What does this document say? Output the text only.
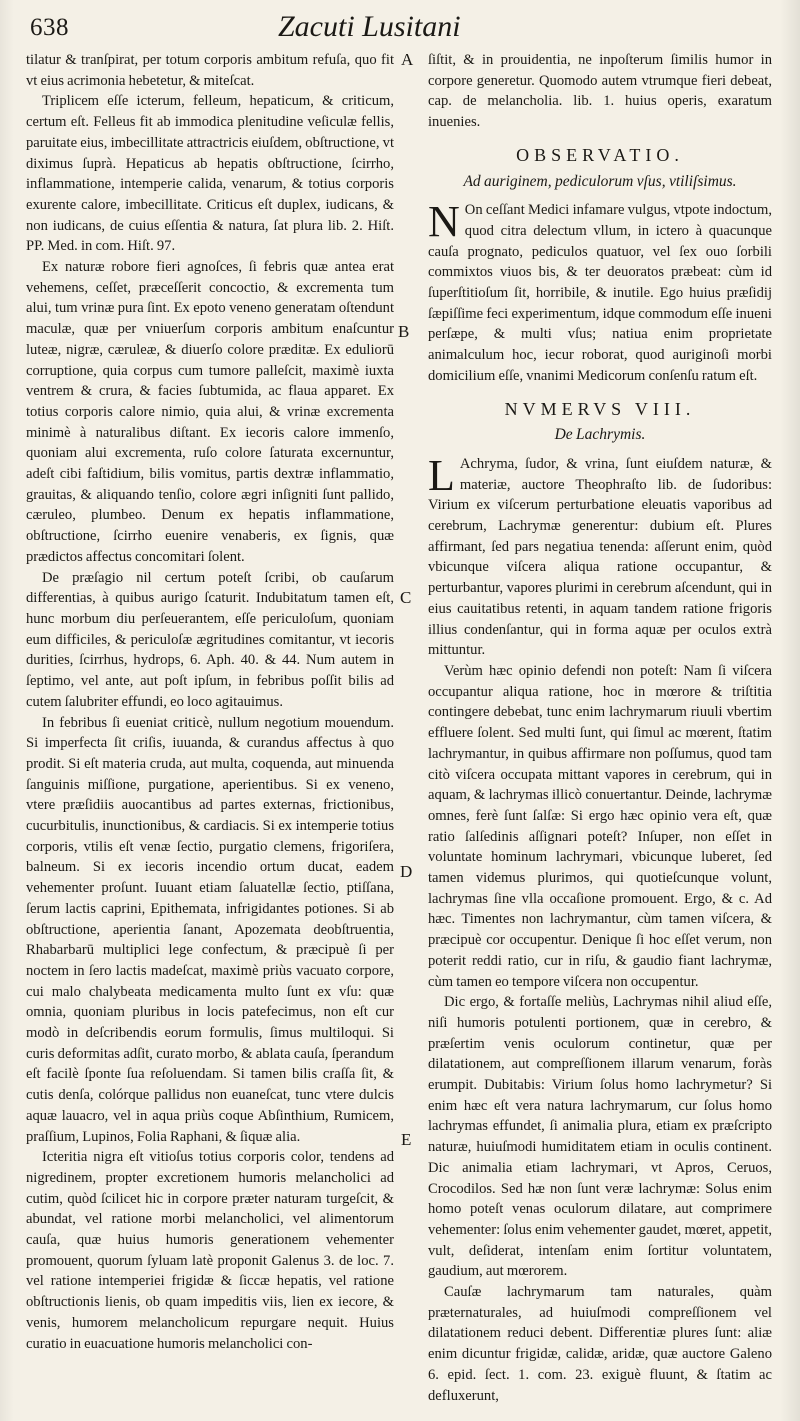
638	Zacuti Lusitani
A
B
C
D
E

tilatur & tranſpirat, per totum corporis ambitum refuſa, quo fit vt eius acrimonia hebetetur, & miteſcat.

Triplicem eſſe icterum, felleum, hepaticum, & criticum, certum eſt. Felleus fit ab immodica plenitudine veſiculæ fellis, paruitate eius, imbecillitate attractricis eiuſdem, obſtructione, vt diximus ſuprà. Hepaticus ab hepatis obſtructione, ſcirrho, inflammatione, intemperie calida, venarum, & totius corporis exurente calore, imbecillitate. Criticus eſt duplex, iudicans, & non iudicans, de cuius eſſentia & natura, ſat plura lib. 2. Hiſt. PP. Med. in com. Hiſt. 97.

Ex naturæ robore fieri agnoſces, ſi febris quæ antea erat vehemens, ceſſet, præceſſerit concoctio, & excrementa tum alui, tum vrinæ pura ſint. Ex epoto veneno generatam oſtendunt maculæ, quæ per vniuerſum corporis ambitum enaſcuntur luteæ, nigræ, cæruleæ, & diuerſo colore præditæ. Ex eduliorū corruptione, quia corpus cum tumore palleſcit, maximè iuxta ventrem & crura, & facies ſubtumida, ac flaua apparet. Ex totius corporis calore nimio, quia alui, & vrinæ excrementa minimè à naturalibus diſtant. Ex iecoris calore immenſo, quoniam alui excrementa, ruſo colore ſaturata excernuntur, adeſt cibi faſtidium, bilis vomitus, partis dextræ inflammatio, grauitas, & aliquando tenſio, colore ægri inſigniti ſunt pallido, cæruleo, plumbeo. Denum ex hepatis inflammatione, obſtructione, ſcirrho euenire venaberis, ex ſignis, quæ prædictos affectus concomitari ſolent.

De præſagio nil certum poteſt ſcribi, ob cauſarum differentias, à quibus aurigo ſcaturit. Indubitatum tamen eſt, hunc morbum diu perſeuerantem, eſſe periculoſum, quoniam eum difficiles, & periculoſæ ægritudines comitantur, vt iecoris durities, ſcirrhus, hydrops, 6. Aph. 40. & 44. Num autem in ſeptimo, vel ante, aut poſt ipſum, in febribus poſſit bilis ad cutem ſalubriter effundi, eo loco agitauimus.

In febribus ſi eueniat criticè, nullum negotium mouendum. Si imperfecta ſit criſis, iuuanda, & curandus affectus à quo prodit. Si eſt materia cruda, aut multa, coquenda, aut minuenda ſanguinis miſſione, purgatione, aperientibus. Si ex veneno, vtere præſidiis auocantibus ad partes externas, frictionibus, cucurbitulis, inunctionibus, & cardiacis. Si ex intemperie totius corporis, vtilis eſt venæ ſectio, purgatio clemens, frigoriſera, balneum. Si ex iecoris incendio ortum ducat, eadem vehementer proſunt. Iuuant etiam ſaluatellæ ſectio, ptiſſana, ſerum lactis caprini, Epithemata, infrigidantes potiones. Si ab obſtructione, aperientia ſanant, Apozemata deobſtruentia, Rhabarbarū multiplici lege confectum, & præcipuè ſi per noctem in ſero lactis madeſcat, maximè priùs vacuato corpore, cui malo chalybeata medicamenta multo ſunt ex vſu: quæ omnia, quoniam pluribus in locis patefecimus, non eſt cur modò in deſcribendis eorum formulis, ſimus multiloqui. Si curis deformitas adſit, curato morbo, & ablata cauſa, ſperandum eſt facilè ſponte ſua reſoluendam. Si tamen bilis craſſa ſit, & cutis denſa, colórque pallidus non euaneſcat, tunc vtere dulcis aquæ lauacro, vel in aqua priùs coque Abſinthium, Rumicem, praſſium, Lupinos, Folia Raphani, & ſiquæ alia.

Icteritia nigra eſt vitioſus totius corporis color, tendens ad nigredinem, propter excretionem humoris melancholici ad cutim, quòd ſcilicet hic in corpore præter naturam turgeſcit, & abundat, vel ratione morbi melancholici, vel alimentorum cauſa, quæ huius humoris generationem vehementer promouent, quorum ſyluam latè proponit Galenus 3. de loc. 7. vel ratione intemperiei frigidæ & ſiccæ hepatis, vel ratione obſtructionis lienis, ob quam impeditis viis, lien ex iecore, & venis, humorem melancholicum repurgare nequit. Huius curatio in euacuatione humoris melancholici con-

ſiſtit, & in prouidentia, ne inpoſterum ſimilis humor in corpore generetur. Quomodo autem vtrumque fieri debeat, cap. de melancholia. lib. 1. huius operis, exaratum inuenies.

OBSERVATIO.

Ad auriginem, pediculorum vſus, vtiliſsimus.

N On ceſſant Medici infamare vulgus, vtpote indoctum, quod citra delectum vllum, in ictero à quacunque cauſa prognato, pediculos quatuor, vel ſex ouo ſorbili commixtos viuos bis, & ter deuoratos præbeat: cùm id ſuperſtitioſum ſit, horribile, & inutile. Ego huius præſidij ſæpiſſime feci experimentum, idque commodum eſſe inueni perſæpe, & multi vſus; natiua enim proprietate animalculum hoc, iecur roborat, quod auriginoſi morbi domicilium eſſe, vnanimi Medicorum conſenſu ratum eſt.

NVMERVS VIII.

De Lachrymis.

L Achryma, ſudor, & vrina, ſunt eiuſdem naturæ, & materiæ, auctore Theophraſto lib. de ſudoribus: Virium ex viſcerum perturbatione eleuatis vaporibus ad cerebrum, Lachrymæ generentur: dubium eſt. Plures affirmant, ſed pars negatiua tenenda: aſſerunt enim, quòd vbicunque viſcera aliqua ratione occupantur, & perturbantur, vapores plurimi in cerebrum aſcendunt, qui in eius cauitatibus retenti, in aquam tandem ratione frigoris illius condenſantur, qui in forma aquæ per oculos extrà mittuntur.

Verùm hæc opinio defendi non poteſt: Nam ſi viſcera occupantur aliqua ratione, hoc in mœrore & triſtitia contingere debebat, tunc enim lachrymarum riuuli vbertim effluere ſolent. Sed multi ſunt, qui ſimul ac mœrent, ſtatim lachrymantur, in quibus affirmare non poſſumus, quod tam citò viſcera occupata mittant vapores in cerebrum, qui in aquam, & lachrymas illicò conuertantur. Deinde, lachrymæ omnes, ferè ſunt ſalſæ: Si ergo hæc opinio vera eſt, quæ ratio ſalſedinis aſſignari poteſt? Inſuper, non eſſet in voluntate hominum lachrymari, vbicunque luberet, ſed tamen videmus plurimos, qui quotieſcunque volunt, lachrymas ſine vlla occaſione promouent. Ergo, & c. Ad hæc. Timentes non lachrymantur, cùm tamen viſcera, & præcipuè cor occupentur. Denique ſi hoc eſſet verum, non poterit reddi ratio, cur in riſu, & gaudio fiant lachrymæ, cùm tamen eo tempore viſcera non occupentur.

Dic ergo, & fortaſſe meliùs, Lachrymas nihil aliud eſſe, niſi humoris potulenti portionem, quæ in cerebro, & præſertim venis oculorum continetur, quæ per dilatationem, aut compreſſionem illarum venarum, foràs erumpit. Dubitabis: Virium ſolus homo lachrymetur? Si enim hæc eſt vera natura lachrymarum, cur ſolus homo lachrymas effundet, ſi animalia plura, etiam ex præſcripto naturæ, huiuſmodi humiditatem etiam in oculis continent. Dic animalia etiam lachrymari, vt Apros, Ceruos, Crocodilos. Sed hæ non ſunt veræ lachrymæ: Solus enim homo poteſt venas oculorum dilatare, aut comprimere vehementer: ſolus enim vehementer gaudet, mœret, appetit, vult, deſiderat, intenſam enim ſortitur voluntatem, gaudium, aut mœrorem.

Cauſæ lachrymarum tam naturales, quàm præternaturales, ad huiuſmodi compreſſionem vel dilatationem reduci debent. Differentiæ plures ſunt: aliæ enim dicuntur frigidæ, calidæ, aridæ, quæ auctore Galeno 6. epid. ſect. 1. com. 23. exiguè fluunt, & ſtatim ac defluxerunt,
